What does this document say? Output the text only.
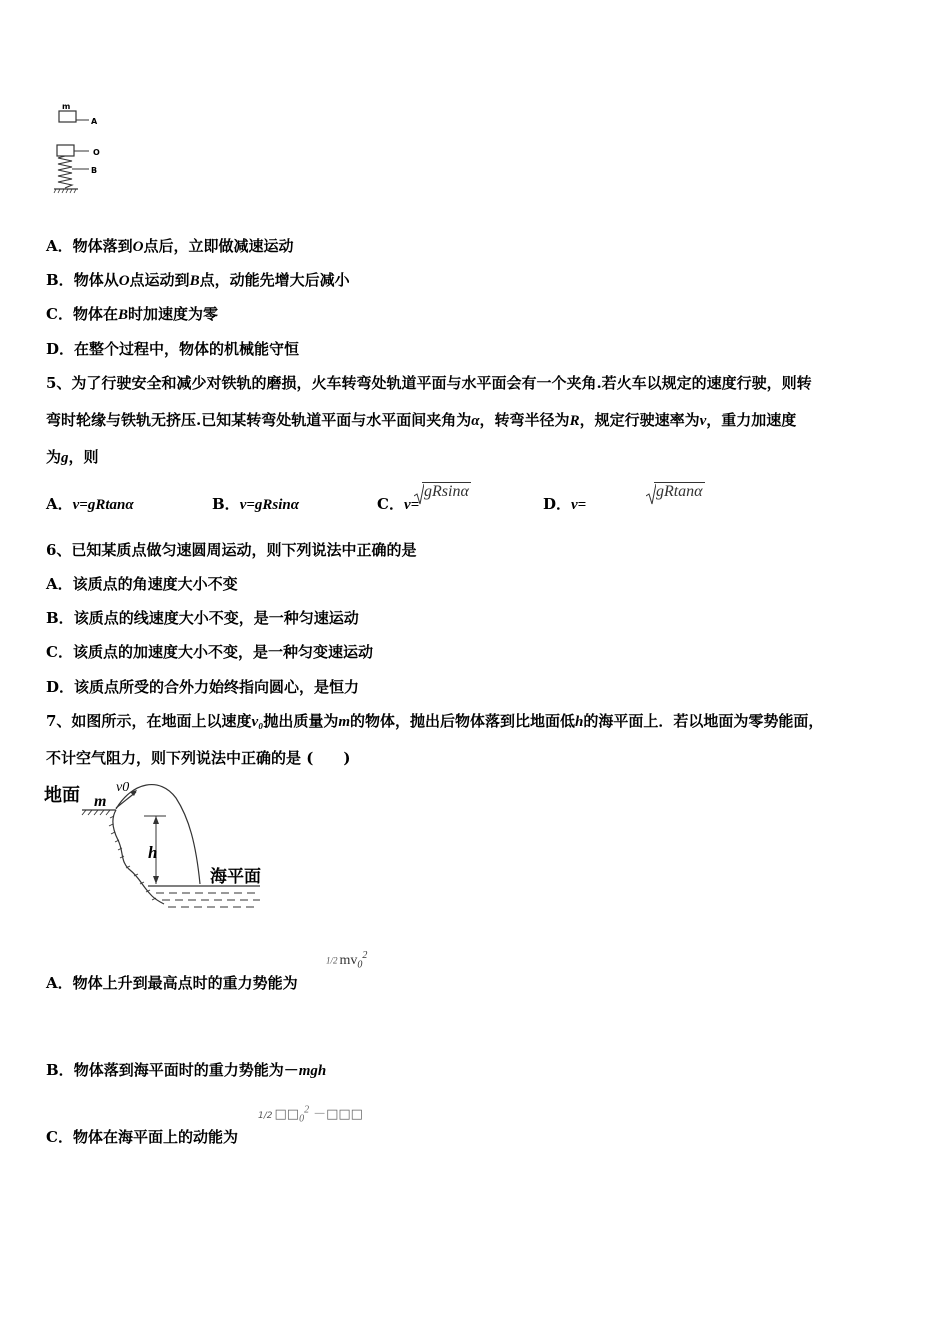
m
A
O
B
A．物体落到O点后，立即做减速运动
B．物体从O点运动到B点，动能先增大后减小
C．物体在B时加速度为零
D．在整个过程中，物体的机械能守恒
5、为了行驶安全和减少对铁轨的磨损，火车转弯处轨道平面与水平面会有一个夹角.若火车以规定的速度行驶，则转
弯时轮缘与铁轨无挤压.已知某转弯处轨道平面与水平面间夹角为α，转弯半径为R，规定行驶速率为v，重力加速度
为g，则
A．v=gRtanα	B．v=gRsinα	C．v=
gRsinα
D．v=
gRtanα
6、已知某质点做匀速圆周运动，则下列说法中正确的是
A．该质点的角速度大小不变
B．该质点的线速度大小不变，是一种匀速运动
C．该质点的加速度大小不变，是一种匀变速运动
D．该质点所受的合外力始终指向圆心，是恒力
7、如图所示，在地面上以速度v₀抛出质量为m的物体，抛出后物体落到比地面低h的海平面上．若以地面为零势能面，
不计空气阻力，则下列说法中正确的是 (　　)
地面	v0
m
h
海平面
A．物体上升到最高点时的重力势能为
1/2 $mv_0^2$
B．物体落到海平面时的重力势能为－mgh
C．物体在海平面上的动能为
1/2 $□□_0^2$ －□□□
